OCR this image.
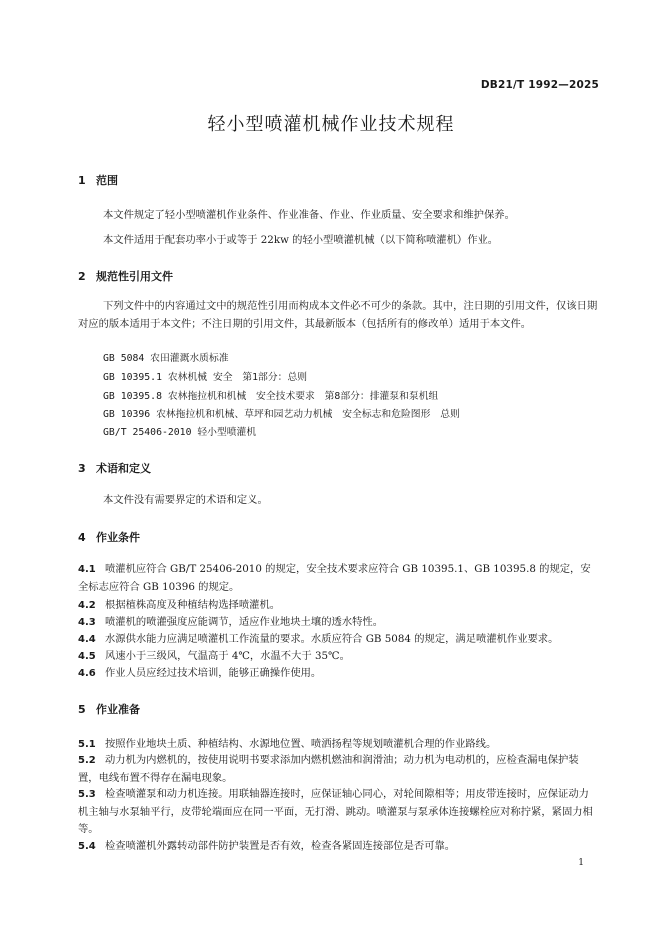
DB21/T 1992—2025
轻小型喷灌机械作业技术规程
1 范围
本文件规定了轻小型喷灌机作业条件、作业准备、作业、作业质量、安全要求和维护保养。
本文件适用于配套功率小于或等于 22kw 的轻小型喷灌机械（以下简称喷灌机）作业。
2 规范性引用文件
下列文件中的内容通过文中的规范性引用而构成本文件必不可少的条款。其中，注日期的引用文件，仅该日期对应的版本适用于本文件；不注日期的引用文件，其最新版本（包括所有的修改单）适用于本文件。
GB 5084 农田灌溉水质标准
GB 10395.1 农林机械 安全　第1部分：总则
GB 10395.8 农林拖拉机和机械　安全技术要求　第8部分：排灌泵和泵机组
GB 10396 农林拖拉机和机械、草坪和园艺动力机械　安全标志和危险图形　总则
GB/T 25406-2010 轻小型喷灌机
3 术语和定义
本文件没有需要界定的术语和定义。
4 作业条件
4.1 喷灌机应符合 GB/T 25406-2010 的规定，安全技术要求应符合 GB 10395.1、GB 10395.8 的规定，安全标志应符合 GB 10396 的规定。
4.2 根据植株高度及种植结构选择喷灌机。
4.3 喷灌机的喷灌强度应能调节，适应作业地块土壤的透水特性。
4.4 水源供水能力应满足喷灌机工作流量的要求。水质应符合 GB 5084 的规定，满足喷灌机作业要求。
4.5 风速小于三级风，气温高于 4℃，水温不大于 35℃。
4.6 作业人员应经过技术培训，能够正确操作使用。
5 作业准备
5.1 按照作业地块土质、种植结构、水源地位置、喷洒扬程等规划喷灌机合理的作业路线。
5.2 动力机为内燃机的，按使用说明书要求添加内燃机燃油和润滑油；动力机为电动机的，应检查漏电保护装置，电线布置不得存在漏电现象。
5.3 检查喷灌泵和动力机连接。用联轴器连接时，应保证轴心同心，对轮间隙相等；用皮带连接时，应保证动力机主轴与水泵轴平行，皮带轮端面应在同一平面，无打滑、跳动。喷灌泵与泵承体连接螺栓应对称拧紧，紧固力相等。
5.4 检查喷灌机外露转动部件防护装置是否有效，检查各紧固连接部位是否可靠。
1
